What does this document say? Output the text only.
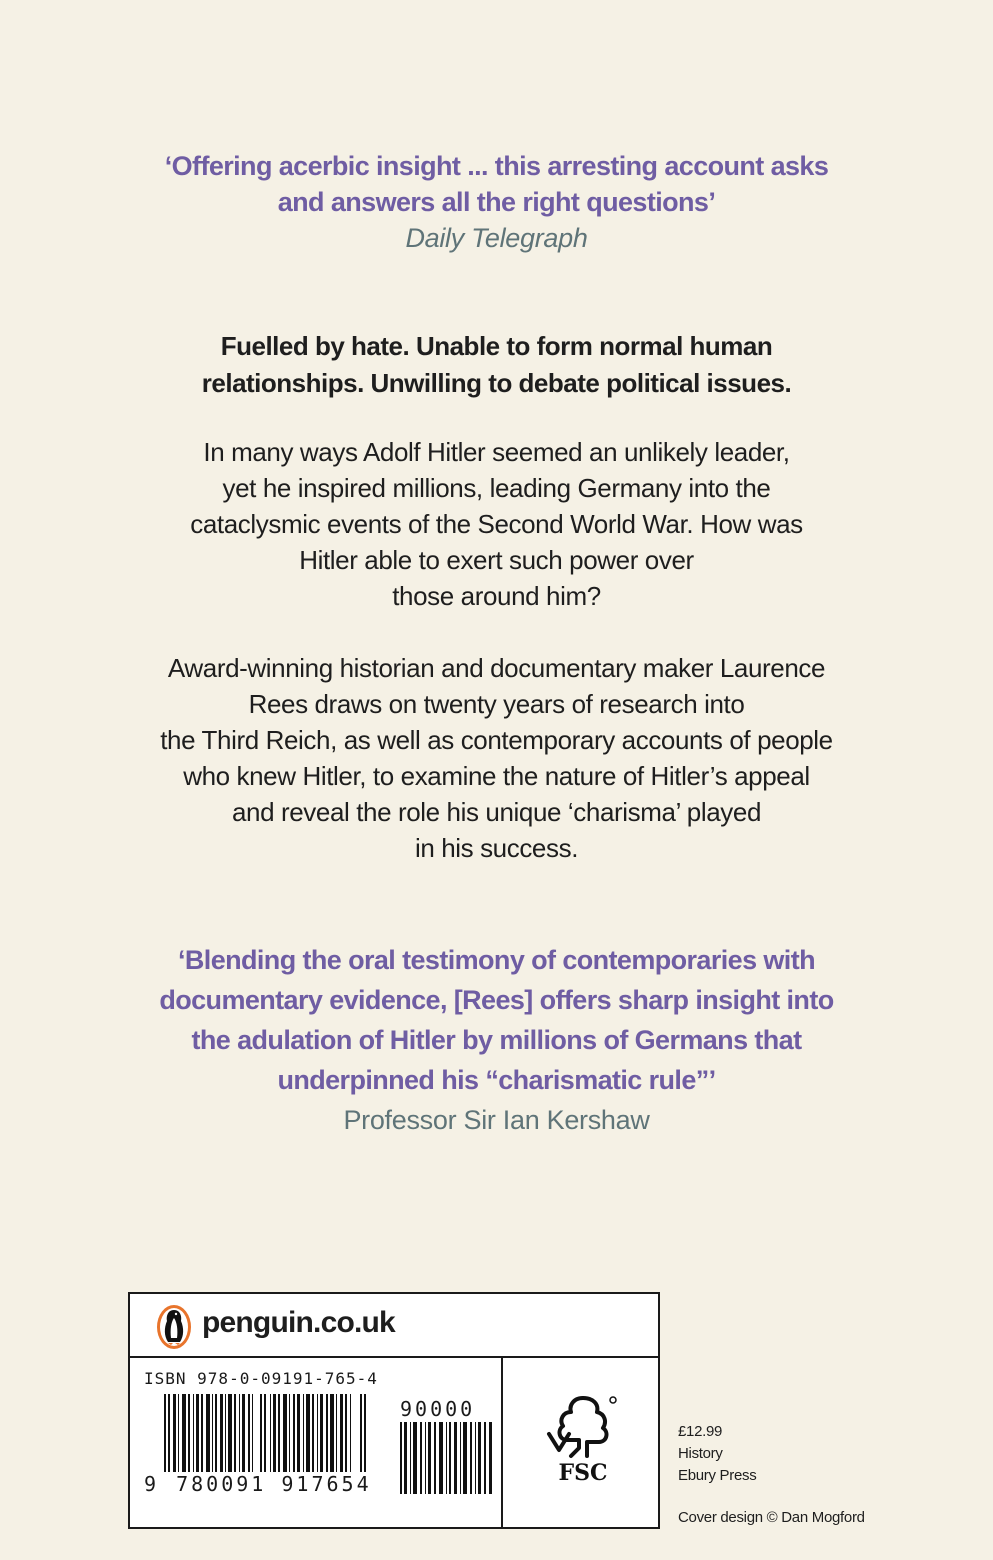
‘Offering acerbic insight ... this arresting account asks
and answers all the right questions’
Daily Telegraph

Fuelled by hate. Unable to form normal human
relationships. Unwilling to debate political issues.

In many ways Adolf Hitler seemed an unlikely leader,
yet he inspired millions, leading Germany into the
cataclysmic events of the Second World War. How was
Hitler able to exert such power over
those around him?

Award-winning historian and documentary maker Laurence
Rees draws on twenty years of research into
the Third Reich, as well as contemporary accounts of people
who knew Hitler, to examine the nature of Hitler’s appeal
and reveal the role his unique ‘charisma’ played
in his success.

‘Blending the oral testimony of contemporaries with
documentary evidence, [Rees] offers sharp insight into
the adulation of Hitler by millions of Germans that
underpinned his “charismatic rule”’
Professor Sir Ian Kershaw
penguin.co.uk
ISBN 978-0-09191-765-4
90000
9 780091 917654	FSC
£12.99
History
Ebury Press
Cover design © Dan Mogford
